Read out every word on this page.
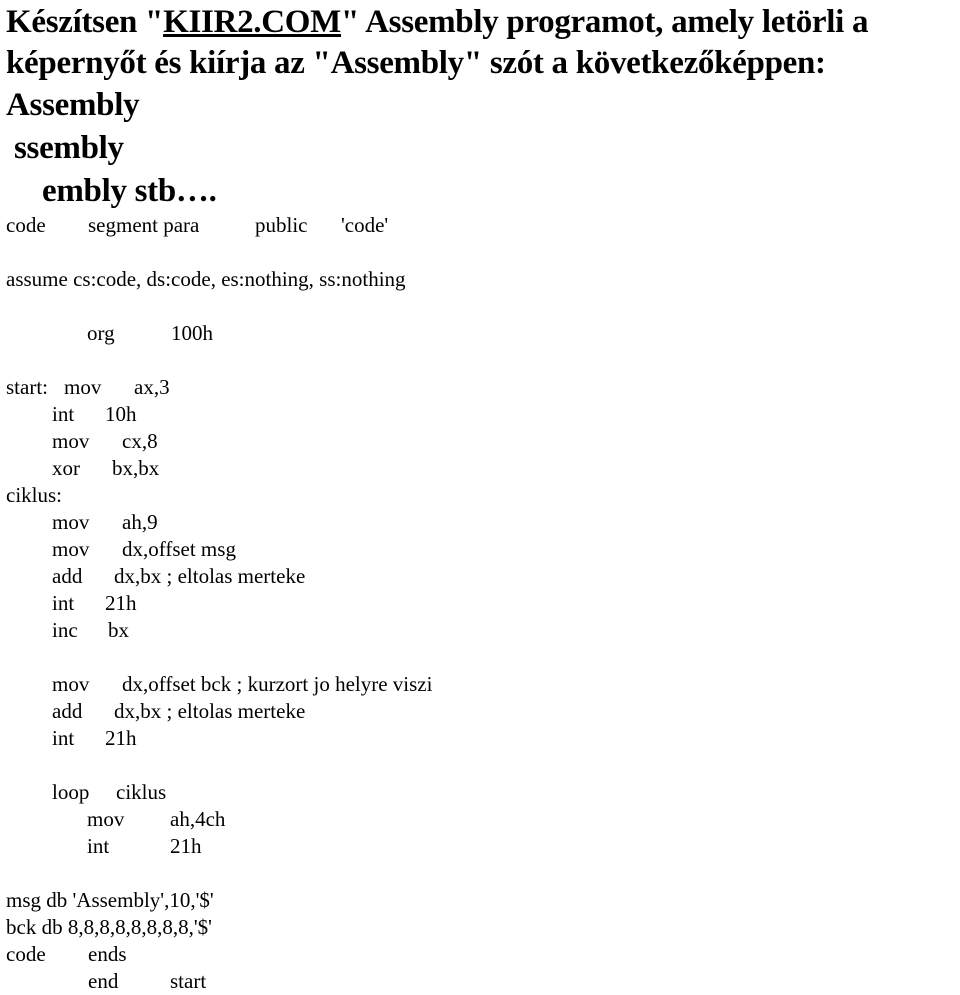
Készítsen "KIIR2.COM" Assembly programot, amely letörli a
képernyőt és kiírja az "Assembly" szót a következőképpen:
Assembly
ssembly
embly stb….
code segment para	public 'code'
assume cs:code, ds:code, es:nothing, ss:nothing
org	100h
start: mov ax,3
int 10h
mov cx,8
xor bx,bx
ciklus:
mov ah,9
mov dx,offset msg
add dx,bx ; eltolas merteke
int 21h
inc bx
mov dx,offset bck ; kurzort jo helyre viszi
add dx,bx ; eltolas merteke
int 21h
loop ciklus
mov ah,4ch
int	21h
msg db 'Assembly',10,'$'
bck db 8,8,8,8,8,8,8,8,'$'
code ends
end start
